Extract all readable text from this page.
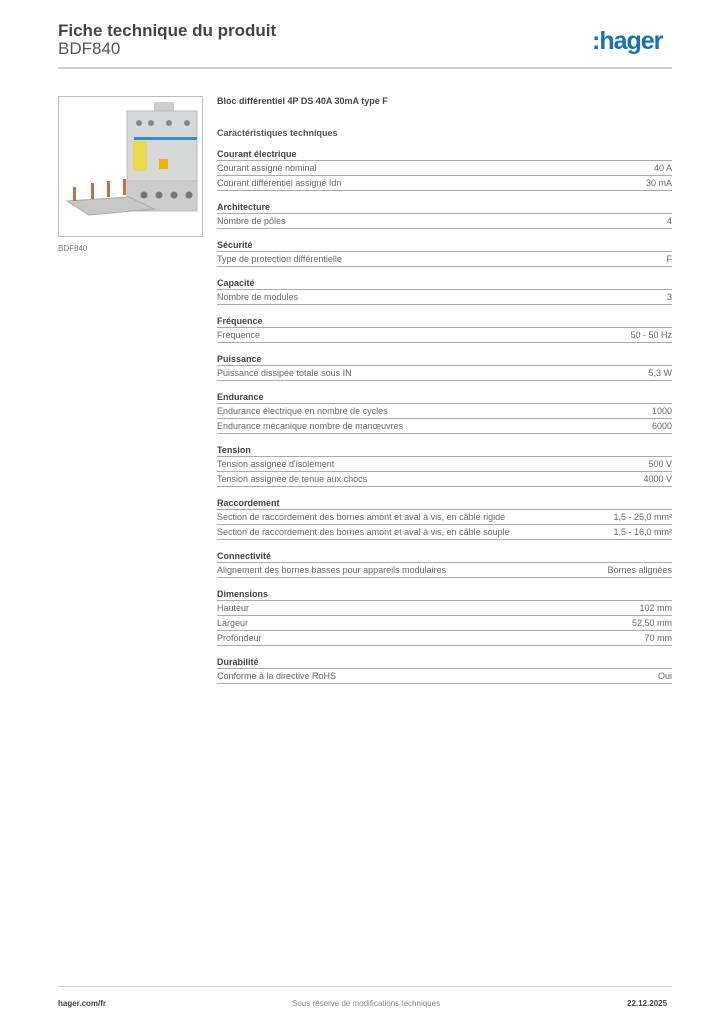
Fiche technique du produit
BDF840	:hager
BDF840
Bloc différentiel 4P DS 40A 30mA type F
Caractéristiques techniques
Courant électrique
Courant assigné nominal	40 A
Courant différentiel assigné Idn	30 mA
Architecture
Nombre de pôles	4
Sécurité
Type de protection différentielle	F
Capacité
Nombre de modules	3
Fréquence
Fréquence	50 - 50 Hz
Puissance
Puissance dissipée totale sous IN	5,3 W
Endurance
Endurance électrique en nombre de cycles	1000
Endurance mécanique nombre de manœuvres	6000
Tension
Tension assignée d'isolement	500 V
Tension assignée de tenue aux chocs	4000 V
Raccordement
Section de raccordement des bornes amont et aval à vis, en câble rigide	1,5 - 25,0 mm²
Section de raccordement des bornes amont et aval à vis, en câble souple	1,5 - 16,0 mm²
Connectivité
Alignement des bornes basses pour appareils modulaires	Bornes alignées
Dimensions
Hauteur	102 mm
Largeur	52,50 mm
Profondeur	70 mm
Durabilité
Conforme à la directive RoHS	Oui
hager.com/fr	Sous réserve de modifications techniques	22.12.2025
